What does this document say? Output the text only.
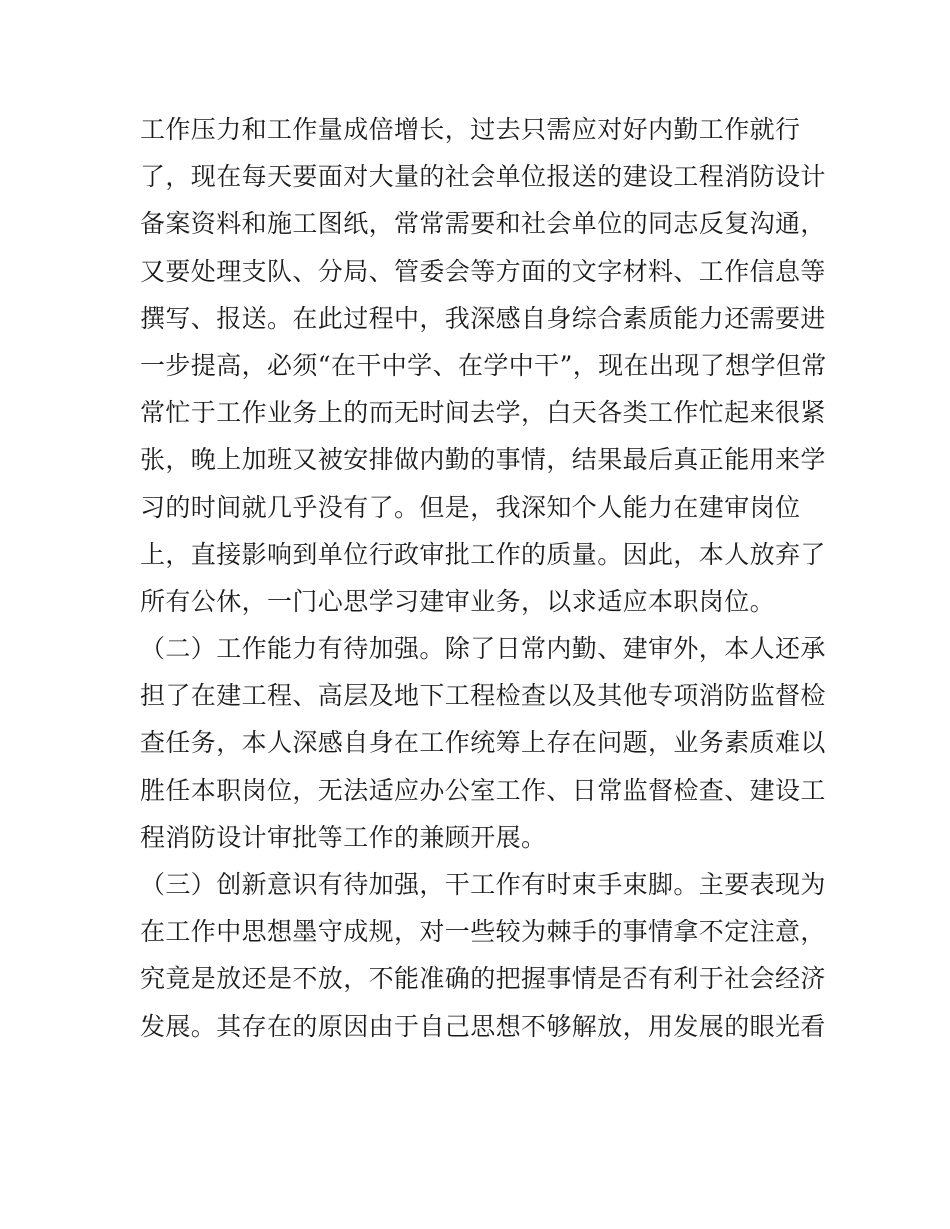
工作压力和工作量成倍增长，过去只需应对好内勤工作就行
了，现在每天要面对大量的社会单位报送的建设工程消防设计
备案资料和施工图纸，常常需要和社会单位的同志反复沟通，
又要处理支队、分局、管委会等方面的文字材料、工作信息等
撰写、报送。在此过程中，我深感自身综合素质能力还需要进
一步提高，必须“在干中学、在学中干”，现在出现了想学但常
常忙于工作业务上的而无时间去学，白天各类工作忙起来很紧
张，晚上加班又被安排做内勤的事情，结果最后真正能用来学
习的时间就几乎没有了。但是，我深知个人能力在建审岗位
上，直接影响到单位行政审批工作的质量。因此，本人放弃了
所有公休，一门心思学习建审业务，以求适应本职岗位。
（二）工作能力有待加强。除了日常内勤、建审外，本人还承
担了在建工程、高层及地下工程检查以及其他专项消防监督检
查任务，本人深感自身在工作统筹上存在问题，业务素质难以
胜任本职岗位，无法适应办公室工作、日常监督检查、建设工
程消防设计审批等工作的兼顾开展。
（三）创新意识有待加强，干工作有时束手束脚。主要表现为
在工作中思想墨守成规，对一些较为棘手的事情拿不定注意，
究竟是放还是不放，不能准确的把握事情是否有利于社会经济
发展。其存在的原因由于自己思想不够解放，用发展的眼光看
